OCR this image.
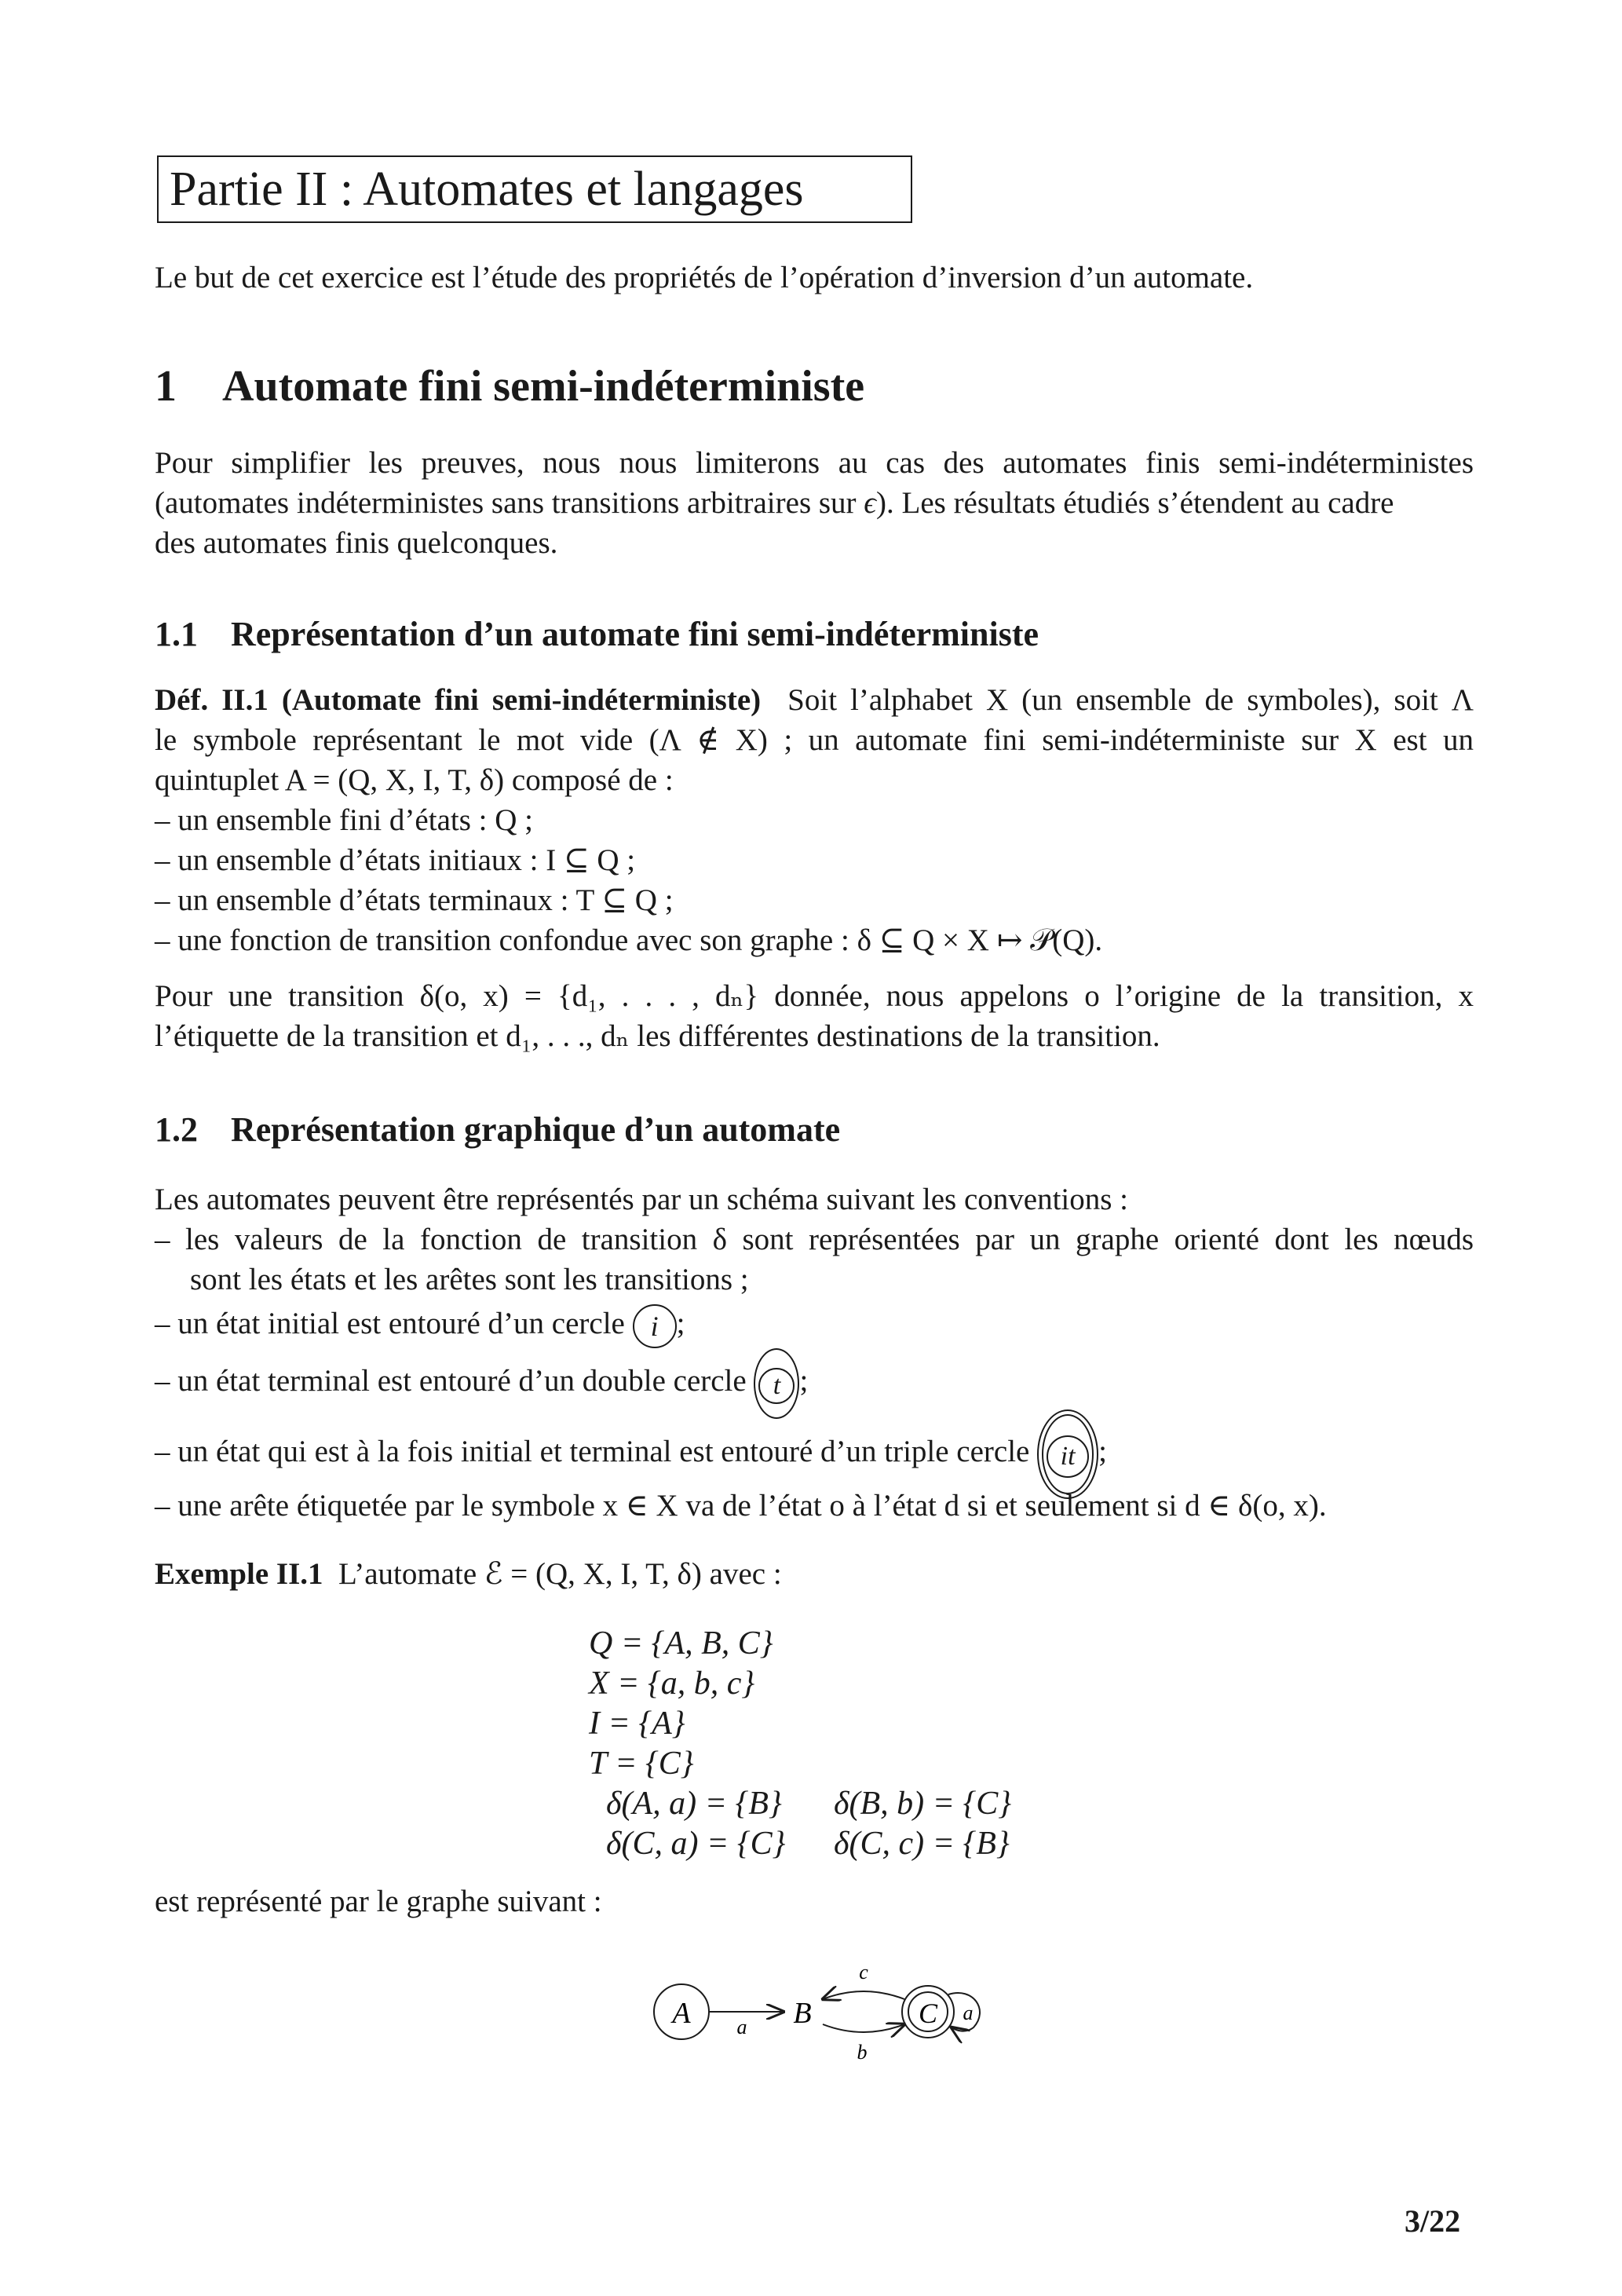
Partie II : Automates et langages
Le but de cet exercice est l’étude des propriétés de l’opération d’inversion d’un automate.
1 Automate fini semi-indéterministe
Pour simplifier les preuves, nous nous limiterons au cas des automates finis semi-indéterministes
(automates indéterministes sans transitions arbitraires sur ϵ). Les résultats étudiés s’étendent au cadre
des automates finis quelconques.
1.1 Représentation d’un automate fini semi-indéterministe
Déf. II.1 (Automate fini semi-indéterministe) Soit l’alphabet X (un ensemble de symboles), soit Λ
le symbole représentant le mot vide (Λ ∉ X) ; un automate fini semi-indéterministe sur X est un
quintuplet A = (Q, X, I, T, δ) composé de :
– un ensemble fini d’états : Q ;
– un ensemble d’états initiaux : I ⊆ Q ;
– un ensemble d’états terminaux : T ⊆ Q ;
– une fonction de transition confondue avec son graphe : δ ⊆ Q × X ↦ 𝒫(Q).
Pour une transition δ(o, x) = {d₁, . . . , dₙ} donnée, nous appelons o l’origine de la transition, x
l’étiquette de la transition et d₁, . . ., dₙ les différentes destinations de la transition.
1.2 Représentation graphique d’un automate
Les automates peuvent être représentés par un schéma suivant les conventions :
– les valeurs de la fonction de transition δ sont représentées par un graphe orienté dont les nœuds
sont les états et les arêtes sont les transitions ;
– un état initial est entouré d’un cercle i ;
– un état terminal est entouré d’un double cercle t ;
– un état qui est à la fois initial et terminal est entouré d’un triple cercle it ;
– une arête étiquetée par le symbole x ∈ X va de l’état o à l’état d si et seulement si d ∈ δ(o, x).
Exemple II.1 L’automate ℰ = (Q, X, I, T, δ) avec :
Q = {A, B, C}
X = {a, b, c}
I = {A}
T = {C}
δ(A, a) = {B} δ(B, b) = {C}
δ(C, a) = {C} δ(C, c) = {B}
est représenté par le graphe suivant :
A	B	C
a
c
b
a
3/22
